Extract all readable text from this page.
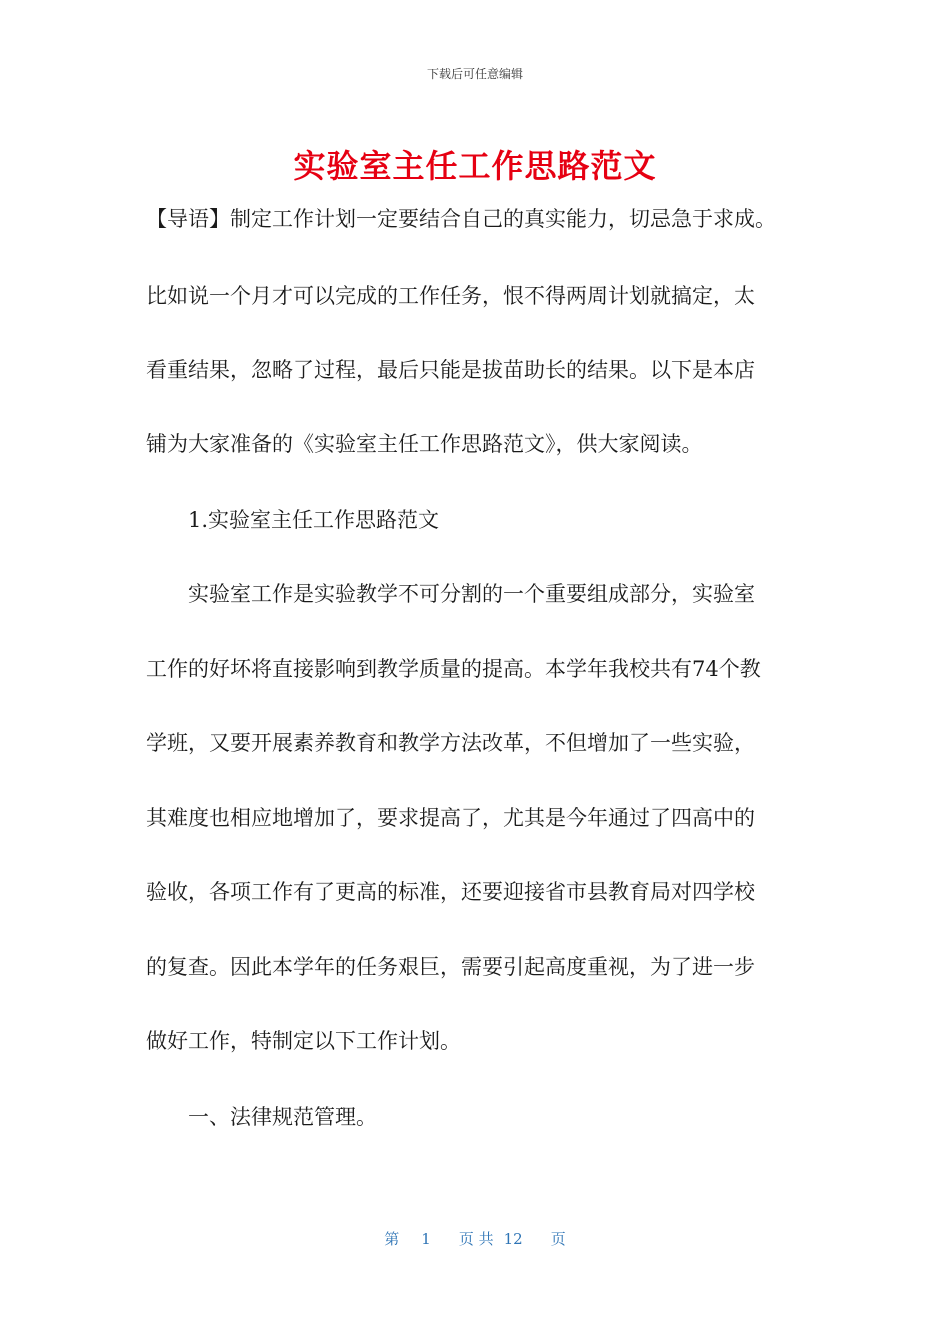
下载后可任意编辑
实验室主任工作思路范文
【导语】制定工作计划一定要结合自己的真实能力，切忌急于求成。
比如说一个月才可以完成的工作任务，恨不得两周计划就搞定，太
看重结果，忽略了过程，最后只能是拔苗助长的结果。以下是本店
铺为大家准备的《实验室主任工作思路范文》，供大家阅读。
1.实验室主任工作思路范文
实验室工作是实验教学不可分割的一个重要组成部分，实验室
工作的好坏将直接影响到教学质量的提高。本学年我校共有74个教
学班，又要开展素养教育和教学方法改革，不但增加了一些实验，
其难度也相应地增加了，要求提高了，尤其是今年通过了四高中的
验收，各项工作有了更高的标准，还要迎接省市县教育局对四学校
的复查。因此本学年的任务艰巨，需要引起高度重视，为了进一步
做好工作，特制定以下工作计划。
一、法律规范管理。
第 1 页 共 12 页
